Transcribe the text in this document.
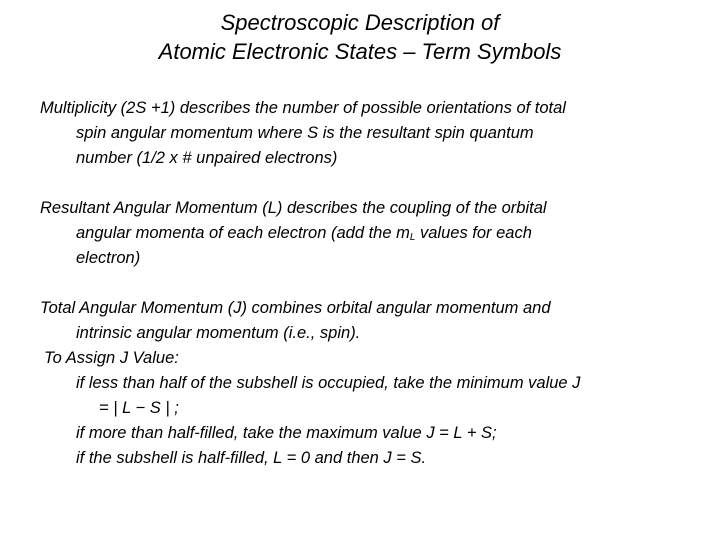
Spectroscopic Description of
Atomic Electronic States – Term Symbols
Multiplicity (2S +1) describes the number of possible orientations of total
spin angular momentum where S is the resultant spin quantum
number (1/2 x # unpaired electrons)
Resultant Angular Momentum (L) describes the coupling of the orbital
angular momenta of each electron (add the $m_L$ values for each
electron)
Total Angular Momentum (J) combines orbital angular momentum and
intrinsic angular momentum (i.e., spin).
To Assign J Value:
if less than half of the subshell is occupied, take the minimum value J
= | L − S | ;
if more than half-filled, take the maximum value J = L + S;
if the subshell is half-filled, L = 0 and then J = S.
